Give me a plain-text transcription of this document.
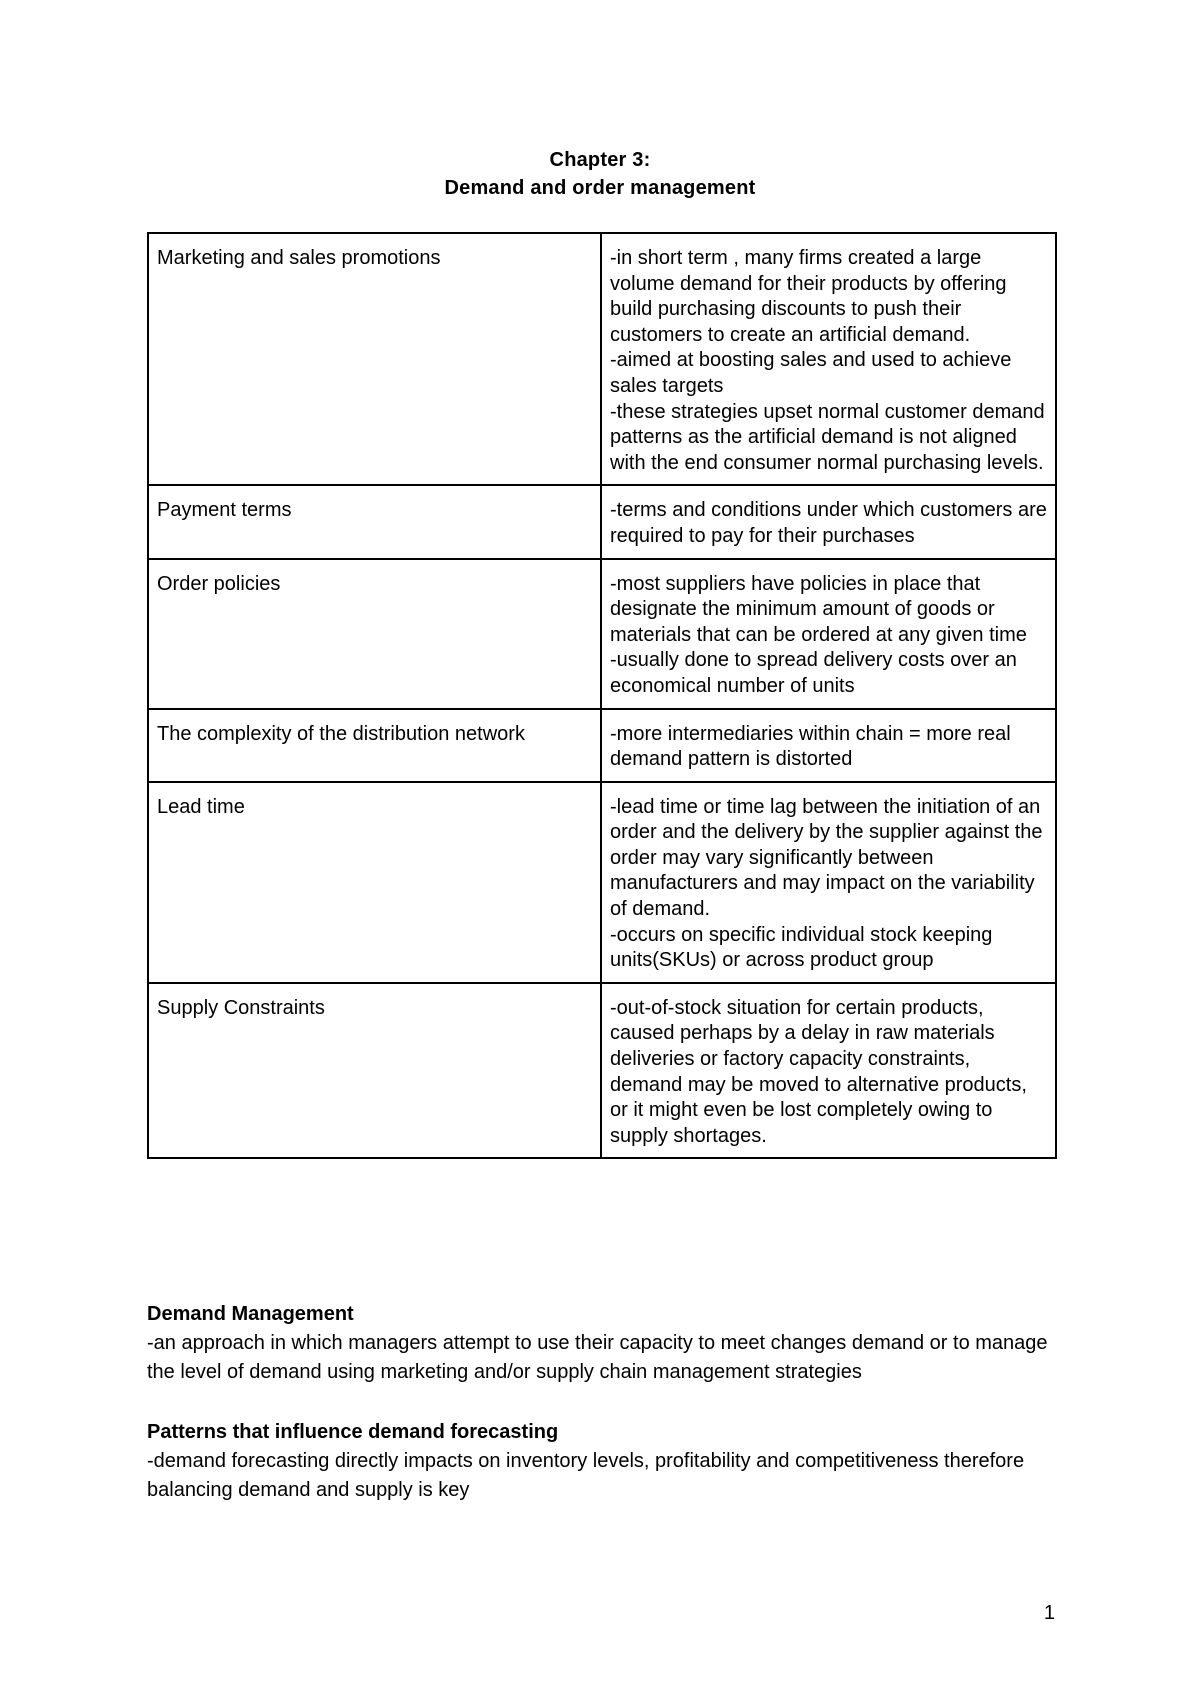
Chapter 3:
Demand and order management
Marketing and sales promotions	-in short term , many firms created a large volume demand for their products by offering build purchasing discounts to push their customers to create an artificial demand.
-aimed at boosting sales and used to achieve sales targets
-these strategies upset normal customer demand patterns as the artificial demand is not aligned with the end consumer normal purchasing levels.

Payment terms	-terms and conditions under which customers are required to pay for their purchases

Order policies	-most suppliers have policies in place that designate the minimum amount of goods or materials that can be ordered at any given time
-usually done to spread delivery costs over an economical number of units

The complexity of the distribution network	-more intermediaries within chain = more real demand pattern is distorted

Lead time	-lead time or time lag between the initiation of an order and the delivery by the supplier against the order may vary significantly between manufacturers and may impact on the variability of demand.
-occurs on specific individual stock keeping units(SKUs) or across product group

Supply Constraints	-out-of-stock situation for certain products, caused perhaps by a delay in raw materials deliveries or factory capacity constraints, demand may be moved to alternative products, or it might even be lost completely owing to supply shortages.
Demand Management
-an approach in which managers attempt to use their capacity to meet changes demand or to manage the level of demand using marketing and/or supply chain management strategies
Patterns that influence demand forecasting
-demand forecasting directly impacts on inventory levels, profitability and competitiveness therefore balancing demand and supply is key
1
